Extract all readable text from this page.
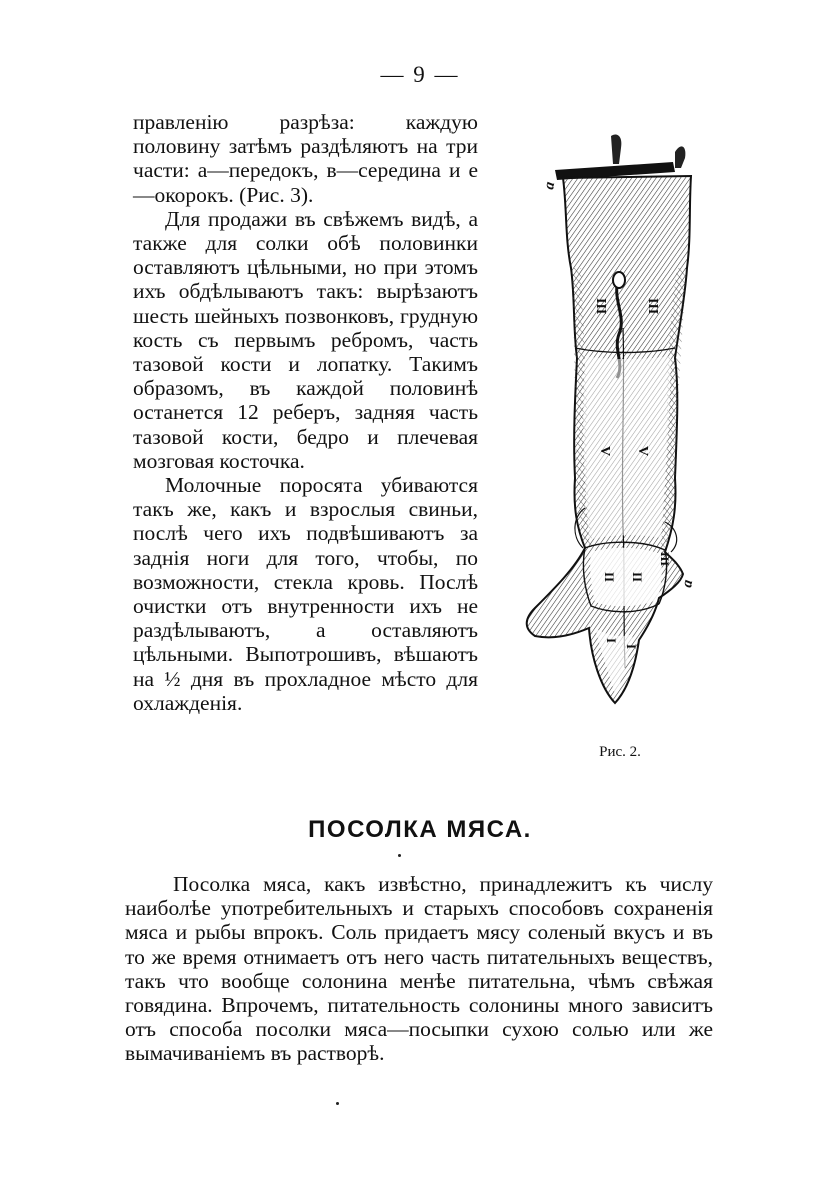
— 9 —

правленію разрѣза: каждую половину затѣмъ раздѣляютъ на три части: а—передокъ, в—середина и е—окорокъ. (Рис. 3).

Для продажи въ свѣжемъ видѣ, а также для солки обѣ половинки оставляютъ цѣльными, но при этомъ ихъ обдѣлываютъ такъ: вырѣзаютъ шесть шейныхъ позвонковъ, грудную кость съ первымъ ребромъ, часть тазовой кости и лопатку. Такимъ образомъ, въ каждой половинѣ останется 12 реберъ, задняя часть тазовой кости, бедро и плечевая мозговая косточка.

Молочные поросята убиваются такъ же, какъ и взрослыя свиньи, послѣ чего ихъ подвѣшиваютъ за заднія ноги для того, чтобы, по возможности, стекла кровь. Послѣ очистки отъ внутренности ихъ не раздѣлываютъ, а оставляютъ цѣльными. Выпотрошивъ, вѣшаютъ на ½ дня въ прохладное мѣсто для охлажденія.

а
а
III	III
V V
III
II II
I
I
Рис. 2.
ПОСОЛКА МЯСА.

Посолка мяса, какъ извѣстно, принадлежитъ къ числу наиболѣе употребительныхъ и старыхъ способовъ сохраненія мяса и рыбы впрокъ. Соль придаетъ мясу соленый вкусъ и въ то же время отнимаетъ отъ него часть питательныхъ веществъ, такъ что вообще солонина менѣе питательна, чѣмъ свѣжая говядина. Впрочемъ, питательность солонины много зависитъ отъ способа посолки мяса—посыпки сухою солью или же вымачиваніемъ въ растворѣ.
